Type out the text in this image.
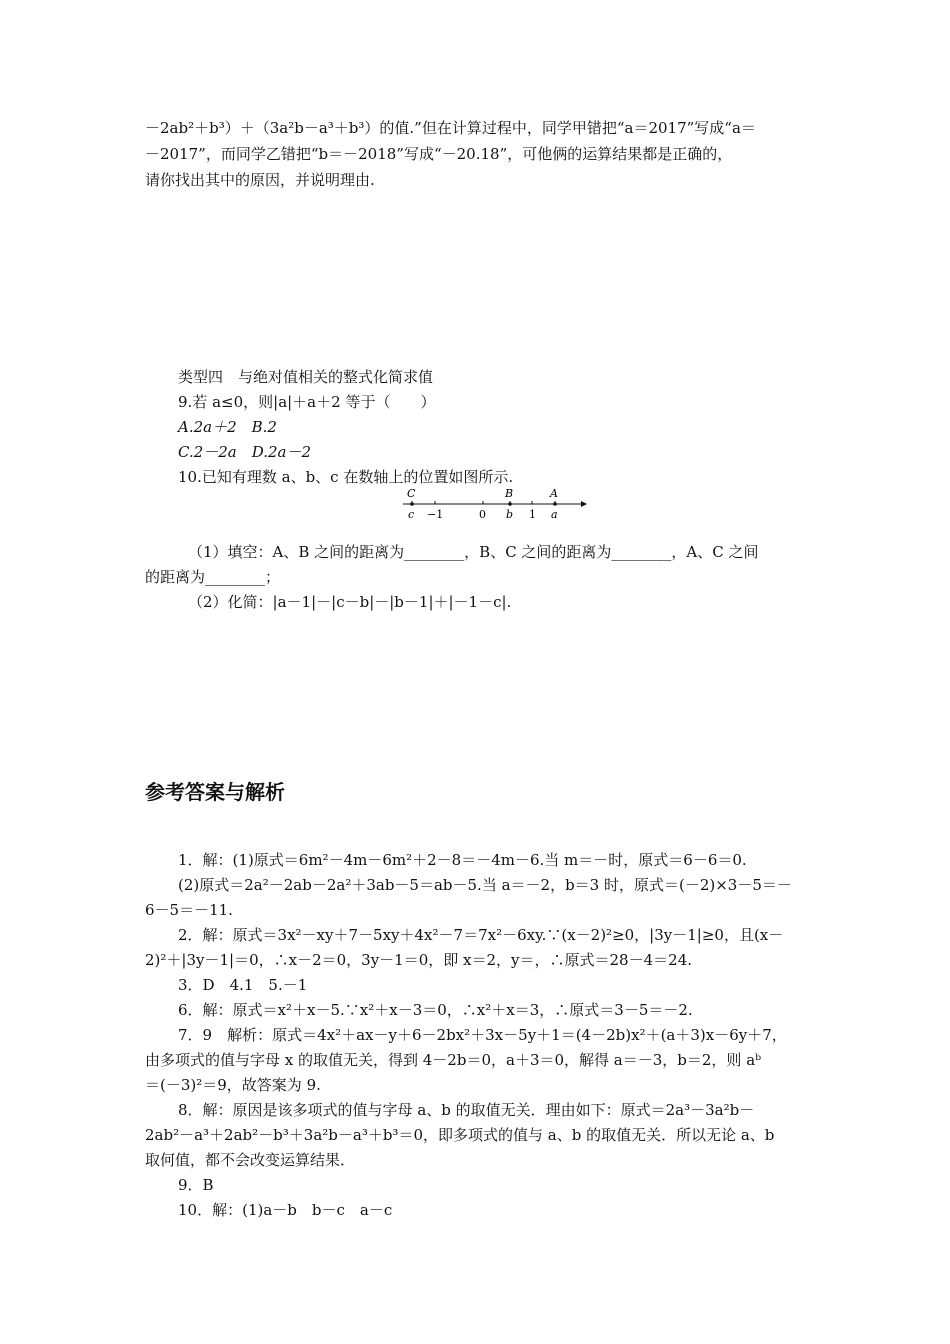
－2ab²＋b³）＋（3a²b－a³＋b³）的值.”但在计算过程中，同学甲错把“a＝2017”写成“a＝
－2017”，而同学乙错把“b＝－2018”写成“－20.18”，可他俩的运算结果都是正确的，
请你找出其中的原因，并说明理由.
类型四　与绝对值相关的整式化简求值
9.若 a≤0，则|a|＋a＋2 等于（　　）
A.2a＋2　B.2
C.2－2a　D.2a－2
10.已知有理数 a、b、c 在数轴上的位置如图所示.
C	B	A
c −1	0 b 1 a
（1）填空：A、B 之间的距离为________，B、C 之间的距离为________，A、C 之间
的距离为________；
（2）化简：|a－1|－|c－b|－|b－1|＋|－1－c|.
参考答案与解析
1．解：(1)原式＝6m²－4m－6m²＋2－8＝－4m－6.当 m＝－时，原式＝6－6＝0.
(2)原式＝2a²－2ab－2a²＋3ab－5＝ab－5.当 a＝－2，b＝3 时，原式＝(－2)×3－5＝－
6－5＝－11.
2．解：原式＝3x²－xy＋7－5xy＋4x²－7＝7x²－6xy.∵(x－2)²≥0，|3y－1|≥0，且(x－
2)²＋|3y－1|＝0，∴x－2＝0，3y－1＝0，即 x＝2，y＝，∴原式＝28－4＝24.
3．D　4.1　5.－1
6．解：原式＝x²＋x－5.∵x²＋x－3＝0，∴x²＋x＝3，∴原式＝3－5＝－2.
7．9　解析：原式＝4x²＋ax－y＋6－2bx²＋3x－5y＋1＝(4－2b)x²＋(a＋3)x－6y＋7，
由多项式的值与字母 x 的取值无关，得到 4－2b＝0，a＋3＝0，解得 a＝－3，b＝2，则 aᵇ
＝(－3)²＝9，故答案为 9.
8．解：原因是该多项式的值与字母 a、b 的取值无关．理由如下：原式＝2a³－3a²b－
2ab²－a³＋2ab²－b³＋3a²b－a³＋b³＝0，即多项式的值与 a、b 的取值无关．所以无论 a、b
取何值，都不会改变运算结果．
9．B
10．解：(1)a－b　b－c　a－c
